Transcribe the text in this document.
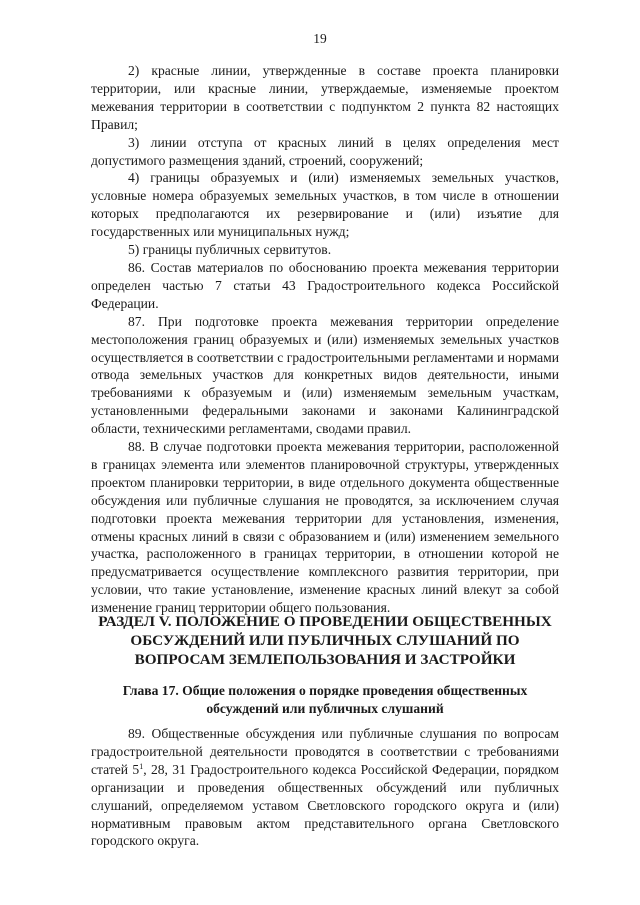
19

2) красные линии, утвержденные в составе проекта планировки территории, или красные линии, утверждаемые, изменяемые проектом межевания территории в соответствии с подпунктом 2 пункта 82 настоящих Правил;

3) линии отступа от красных линий в целях определения мест допустимого размещения зданий, строений, сооружений;

4) границы образуемых и (или) изменяемых земельных участков, условные номера образуемых земельных участков, в том числе в отношении которых предполагаются их резервирование и (или) изъятие для государственных или муниципальных нужд;

5) границы публичных сервитутов.

86. Состав материалов по обоснованию проекта межевания территории определен частью 7 статьи 43 Градостроительного кодекса Российской Федерации.

87. При подготовке проекта межевания территории определение местоположения границ образуемых и (или) изменяемых земельных участков осуществляется в соответствии с градостроительными регламентами и нормами отвода земельных участков для конкретных видов деятельности, иными требованиями к образуемым и (или) изменяемым земельным участкам, установленными федеральными законами и законами Калининградской области, техническими регламентами, сводами правил.

88. В случае подготовки проекта межевания территории, расположенной в границах элемента или элементов планировочной структуры, утвержденных проектом планировки территории, в виде отдельного документа общественные обсуждения или публичные слушания не проводятся, за исключением случая подготовки проекта межевания территории для установления, изменения, отмены красных линий в связи с образованием и (или) изменением земельного участка, расположенного в границах территории, в отношении которой не предусматривается осуществление комплексного развития территории, при условии, что такие установление, изменение красных линий влекут за собой изменение границ территории общего пользования.

РАЗДЕЛ V. ПОЛОЖЕНИЕ О ПРОВЕДЕНИИ ОБЩЕСТВЕННЫХ ОБСУЖДЕНИЙ ИЛИ ПУБЛИЧНЫХ СЛУШАНИЙ ПО ВОПРОСАМ ЗЕМЛЕПОЛЬЗОВАНИЯ И ЗАСТРОЙКИ

Глава 17. Общие положения о порядке проведения общественных обсуждений или публичных слушаний

89. Общественные обсуждения или публичные слушания по вопросам градостроительной деятельности проводятся в соответствии с требованиями статей $5^1$, 28, 31 Градостроительного кодекса Российской Федерации, порядком организации и проведения общественных обсуждений или публичных слушаний, определяемом уставом Светловского городского округа и (или) нормативным правовым актом представительного органа Светловского городского округа.
